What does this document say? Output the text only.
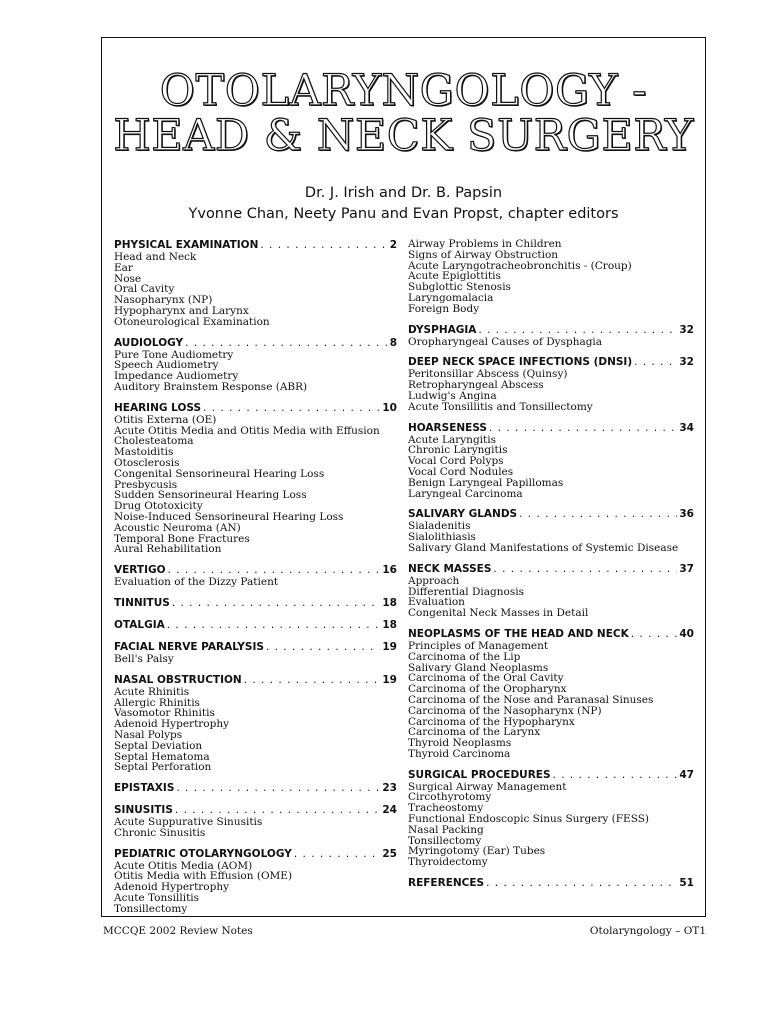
OTOLARYNGOLOGY -
HEAD & NECK SURGERY
Dr. J. Irish and Dr. B. Papsin
Yvonne Chan, Neety Panu and Evan Propst, chapter editors
PHYSICAL EXAMINATION . . .	2
Head and Neck
Ear
Nose
Oral Cavity
Nasopharynx (NP)
Hypopharynx and Larynx
Otoneurological Examination
AUDIOLOGY . . .	8
Pure Tone Audiometry
Speech Audiometry
Impedance Audiometry
Auditory Brainstem Response (ABR)
HEARING LOSS . . .	10
Otitis Externa (OE)
Acute Otitis Media and Otitis Media with Effusion
Cholesteatoma
Mastoiditis
Otosclerosis
Congenital Sensorineural Hearing Loss
Presbycusis
Sudden Sensorineural Hearing Loss
Drug Ototoxicity
Noise-Induced Sensorineural Hearing Loss
Acoustic Neuroma (AN)
Temporal Bone Fractures
Aural Rehabilitation
VERTIGO . . .	16
Evaluation of the Dizzy Patient
TINNITUS . . .	18
OTALGIA . . .	18
FACIAL NERVE PARALYSIS . . .	19
Bell's Palsy
NASAL OBSTRUCTION . . .	19
Acute Rhinitis
Allergic Rhinitis
Vasomotor Rhinitis
Adenoid Hypertrophy
Nasal Polyps
Septal Deviation
Septal Hematoma
Septal Perforation
EPISTAXIS . . .	23
SINUSITIS . . .	24
Acute Suppurative Sinusitis
Chronic Sinusitis
PEDIATRIC OTOLARYNGOLOGY . . .	25
Acute Otitis Media (AOM)
Otitis Media with Effusion (OME)
Adenoid Hypertrophy
Acute Tonsillitis
Tonsillectomy
Airway Problems in Children
Signs of Airway Obstruction
Acute Laryngotracheobronchitis - (Croup)
Acute Epiglottitis
Subglottic Stenosis
Laryngomalacia
Foreign Body
DYSPHAGIA . . .	32
Oropharyngeal Causes of Dysphagia
DEEP NECK SPACE INFECTIONS (DNSI) . . .	32
Peritonsillar Abscess (Quinsy)
Retropharyngeal Abscess
Ludwig's Angina
Acute Tonsillitis and Tonsillectomy
HOARSENESS . . .	34
Acute Laryngitis
Chronic Laryngitis
Vocal Cord Polyps
Vocal Cord Nodules
Benign Laryngeal Papillomas
Laryngeal Carcinoma
SALIVARY GLANDS . . .	36
Sialadenitis
Sialolithiasis
Salivary Gland Manifestations of Systemic Disease
NECK MASSES . . .	37
Approach
Differential Diagnosis
Evaluation
Congenital Neck Masses in Detail
NEOPLASMS OF THE HEAD AND NECK . . .	40
Principles of Management
Carcinoma of the Lip
Salivary Gland Neoplasms
Carcinoma of the Oral Cavity
Carcinoma of the Oropharynx
Carcinoma of the Nose and Paranasal Sinuses
Carcinoma of the Nasopharynx (NP)
Carcinoma of the Hypopharynx
Carcinoma of the Larynx
Thyroid Neoplasms
Thyroid Carcinoma
SURGICAL PROCEDURES . . .	47
Surgical Airway Management
Circothyrotomy
Tracheostomy
Functional Endoscopic Sinus Surgery (FESS)
Nasal Packing
Tonsillectomy
Myringotomy (Ear) Tubes
Thyroidectomy
REFERENCES . . .	51
MCCQE 2002 Review Notes	Otolaryngology – OT1
